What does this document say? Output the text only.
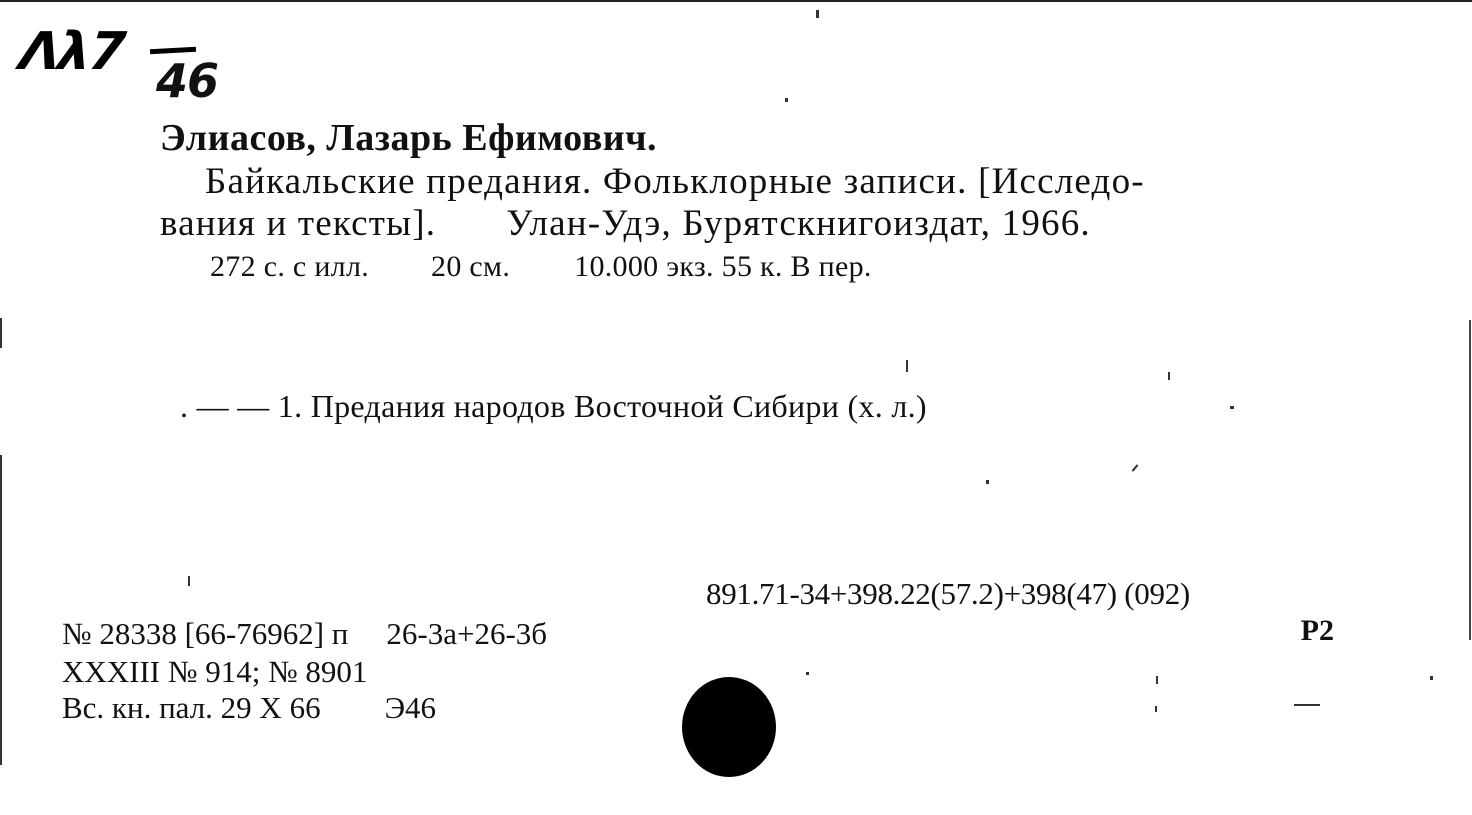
Λλ7 46
Элиасов, Лазарь Ефимович.
Байкальские предания. Фольклорные записи. [Исследо-
вания и тексты]. Улан-Удэ, Бурятскнигоиздат, 1966.
272 с. с илл. 20 см. 10.000 экз. 55 к. В пер.
. — — 1. Предания народов Восточной Сибири (х. л.)
891.71-34+398.22(57.2)+398(47) (092)
Р2
№ 28338 [66-76962] п 26-3а+26-3б
XXXIII № 914; № 8901
Вс. кн. пал. 29 X 66 Э46
